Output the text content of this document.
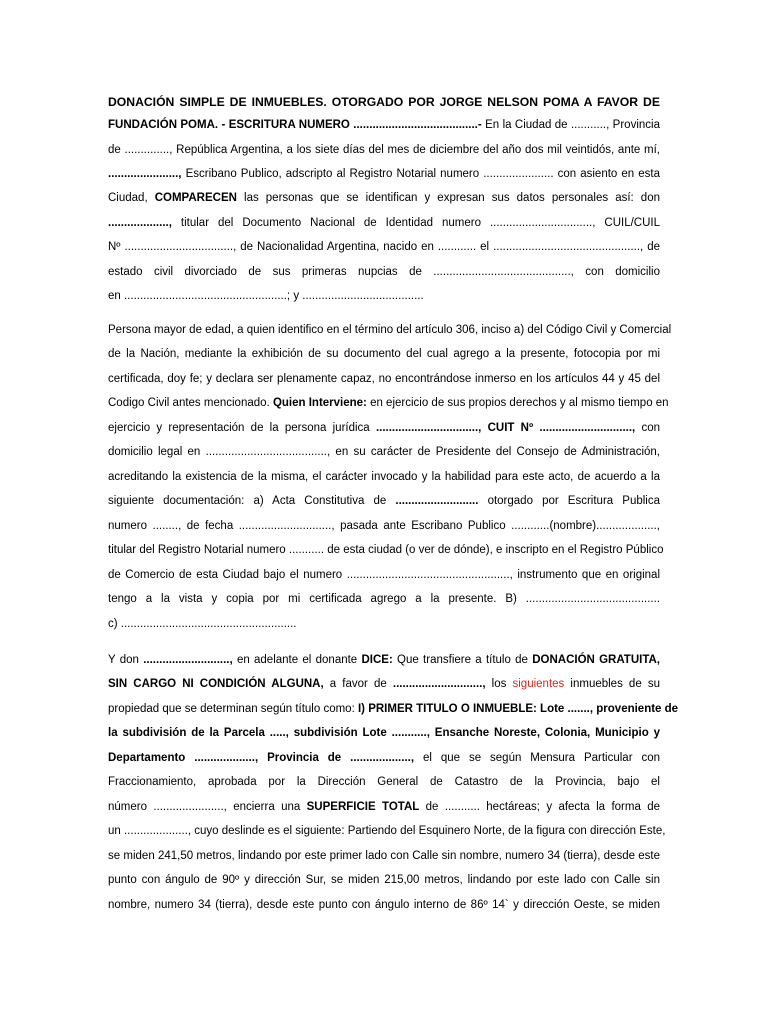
DONACIÓN SIMPLE DE INMUEBLES. OTORGADO POR JORGE NELSON POMA A FAVOR DE
FUNDACIÓN POMA. - ESCRITURA NUMERO .......................................- En la Ciudad de ..........., Provincia
de .............., República Argentina, a los siete días del mes de diciembre del año dos mil veintidós, ante mí,
......................, Escribano Publico, adscripto al Registro Notarial numero ...................... con asiento en esta
Ciudad, COMPARECEN las personas que se identifican y expresan sus datos personales así: don
..................., titular del Documento Nacional de Identidad numero ................................, CUIL/CUIL
Nº .................................., de Nacionalidad Argentina, nacido en ............ el .............................................., de
estado civil divorciado de sus primeras nupcias de ..........................................., con domicilio
en ...................................................; y ......................................
Persona mayor de edad, a quien identifico en el término del artículo 306, inciso a) del Código Civil y Comercial
de la Nación, mediante la exhibición de su documento del cual agrego a la presente, fotocopia por mi
certificada, doy fe; y declara ser plenamente capaz, no encontrándose inmerso en los artículos 44 y 45 del
Codigo Civil antes mencionado. Quien Interviene: en ejercicio de sus propios derechos y al mismo tiempo en
ejercicio y representación de la persona jurídica ................................, CUIT Nº ............................., con
domicilio legal en ......................................, en su carácter de Presidente del Consejo de Administración,
acreditando la existencia de la misma, el carácter invocado y la habilidad para este acto, de acuerdo a la
siguiente documentación: a) Acta Constitutiva de .......................... otorgado por Escritura Publica
numero ........, de fecha ............................., pasada ante Escribano Publico ............(nombre)...................,
titular del Registro Notarial numero ........... de esta ciudad (o ver de dónde), e inscripto en el Registro Público
de Comercio de esta Ciudad bajo el numero ..................................................., instrumento que en original
tengo a la vista y copia por mi certificada agrego a la presente. B) ..........................................
c) .......................................................
Y don ..........................., en adelante el donante DICE: Que transfiere a título de DONACIÓN GRATUITA,
SIN CARGO NI CONDICIÓN ALGUNA, a favor de ............................, los siguientes inmuebles de su
propiedad que se determinan según título como: I) PRIMER TITULO O INMUEBLE: Lote ......., proveniente de
la subdivisión de la Parcela ....., subdivisión Lote ..........., Ensanche Noreste, Colonia, Municipio y
Departamento ..................., Provincia de ..................., el que se según Mensura Particular con
Fraccionamiento, aprobada por la Dirección General de Catastro de la Provincia, bajo el
número ......................, encierra una SUPERFICIE TOTAL de ........... hectáreas; y afecta la forma de
un ...................., cuyo deslinde es el siguiente: Partiendo del Esquinero Norte, de la figura con dirección Este,
se miden 241,50 metros, lindando por este primer lado con Calle sin nombre, numero 34 (tierra), desde este
punto con ángulo de 90º y dirección Sur, se miden 215,00 metros, lindando por este lado con Calle sin
nombre, numero 34 (tierra), desde este punto con ángulo interno de 86º 14` y dirección Oeste, se miden
